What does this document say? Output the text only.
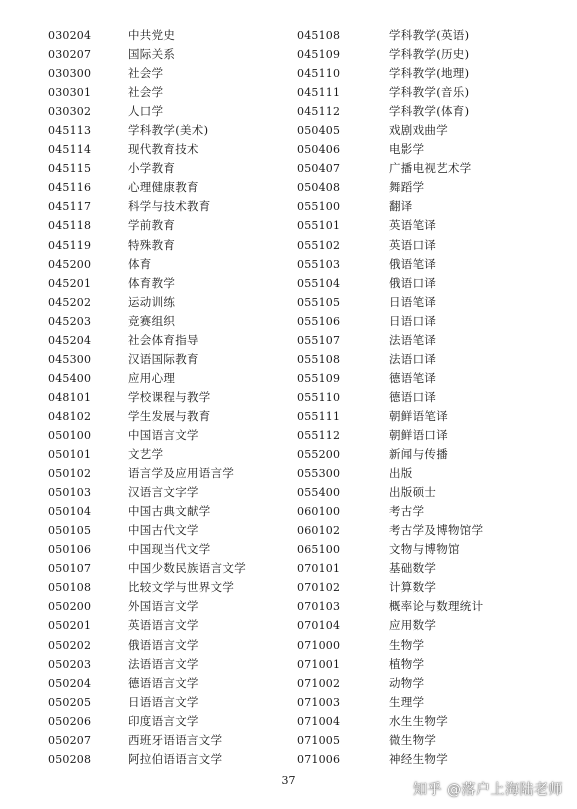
030204	中共党史
030207	国际关系
030300	社会学
030301	社会学
030302	人口学
045113	学科教学(美术)
045114	现代教育技术
045115	小学教育
045116	心理健康教育
045117	科学与技术教育
045118	学前教育
045119	特殊教育
045200	体育
045201	体育教学
045202	运动训练
045203	竞赛组织
045204	社会体育指导
045300	汉语国际教育
045400	应用心理
048101	学校课程与教学
048102	学生发展与教育
050100	中国语言文学
050101	文艺学
050102	语言学及应用语言学
050103	汉语言文字学
050104	中国古典文献学
050105	中国古代文学
050106	中国现当代文学
050107	中国少数民族语言文学
050108	比较文学与世界文学
050200	外国语言文学
050201	英语语言文学
050202	俄语语言文学
050203	法语语言文学
050204	德语语言文学
050205	日语语言文学
050206	印度语言文学
050207	西班牙语语言文学
050208	阿拉伯语语言文学
045108	学科教学(英语)
045109	学科教学(历史)
045110	学科教学(地理)
045111	学科教学(音乐)
045112	学科教学(体育)
050405	戏剧戏曲学
050406	电影学
050407	广播电视艺术学
050408	舞蹈学
055100	翻译
055101	英语笔译
055102	英语口译
055103	俄语笔译
055104	俄语口译
055105	日语笔译
055106	日语口译
055107	法语笔译
055108	法语口译
055109	德语笔译
055110	德语口译
055111	朝鲜语笔译
055112	朝鲜语口译
055200	新闻与传播
055300	出版
055400	出版硕士
060100	考古学
060102	考古学及博物馆学
065100	文物与博物馆
070101	基础数学
070102	计算数学
070103	概率论与数理统计
070104	应用数学
071000	生物学
071001	植物学
071002	动物学
071003	生理学
071004	水生生物学
071005	微生物学
071006	神经生物学
37
知乎 @落户上海陆老师
